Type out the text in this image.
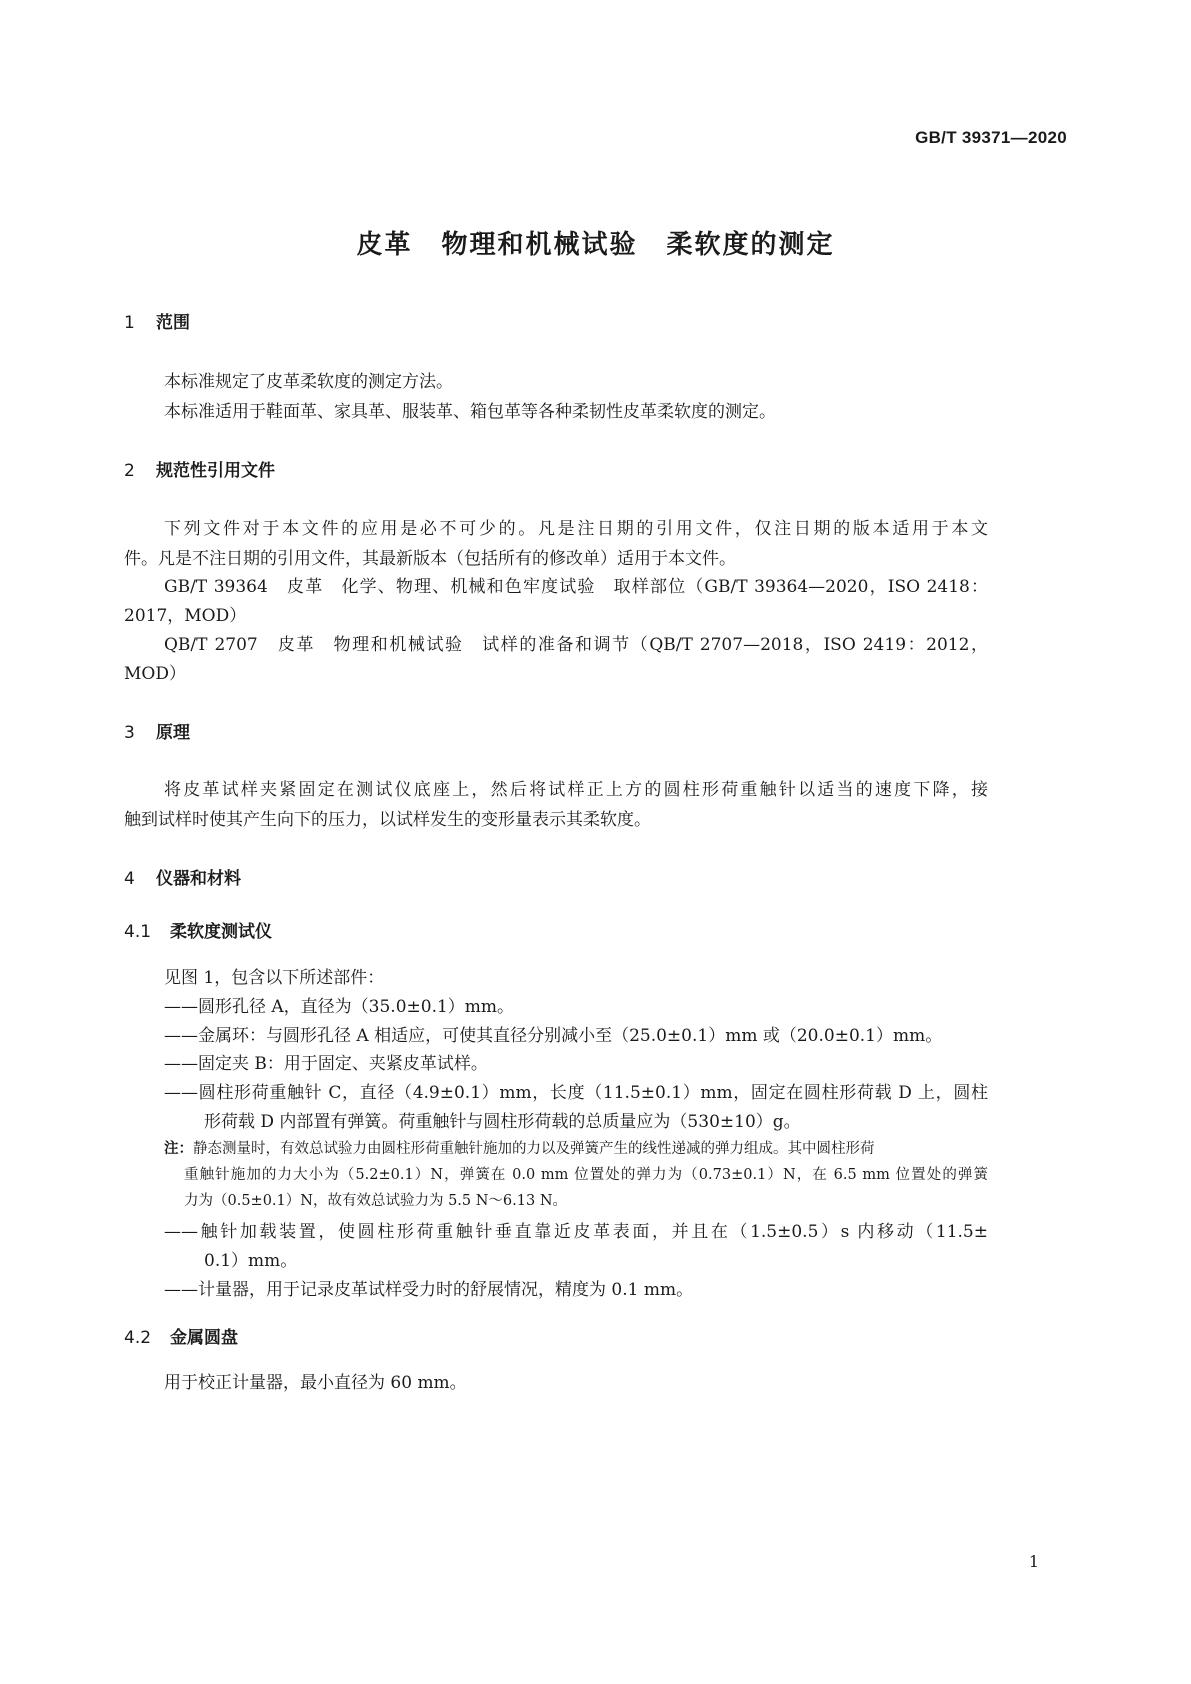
GB/T 39371—2020
皮革 物理和机械试验 柔软度的测定
1 范围
本标准规定了皮革柔软度的测定方法。
本标准适用于鞋面革、家具革、服装革、箱包革等各种柔韧性皮革柔软度的测定。
2 规范性引用文件
下列文件对于本文件的应用是必不可少的。凡是注日期的引用文件，仅注日期的版本适用于本文
件。凡是不注日期的引用文件，其最新版本（包括所有的修改单）适用于本文件。
GB/T 39364　皮革　化学、物理、机械和色牢度试验　取样部位（GB/T 39364—2020，ISO 2418：
2017，MOD）
QB/T 2707　皮革　物理和机械试验　试样的准备和调节（QB/T 2707—2018，ISO 2419：2012，
MOD）
3 原理
将皮革试样夹紧固定在测试仪底座上，然后将试样正上方的圆柱形荷重触针以适当的速度下降，接
触到试样时使其产生向下的压力，以试样发生的变形量表示其柔软度。
4 仪器和材料
4.1 柔软度测试仪
见图 1，包含以下所述部件：
——圆形孔径 A，直径为（35.0±0.1）mm。
——金属环：与圆形孔径 A 相适应，可使其直径分别减小至（25.0±0.1）mm 或（20.0±0.1）mm。
——固定夹 B：用于固定、夹紧皮革试样。
——圆柱形荷重触针 C，直径（4.9±0.1）mm，长度（11.5±0.1）mm，固定在圆柱形荷载 D 上，圆柱
形荷载 D 内部置有弹簧。荷重触针与圆柱形荷载的总质量应为（530±10）g。
注：静态测量时，有效总试验力由圆柱形荷重触针施加的力以及弹簧产生的线性递减的弹力组成。其中圆柱形荷
重触针施加的力大小为（5.2±0.1）N，弹簧在 0.0 mm 位置处的弹力为（0.73±0.1）N，在 6.5 mm 位置处的弹簧
力为（0.5±0.1）N，故有效总试验力为 5.5 N～6.13 N。
——触针加载装置，使圆柱形荷重触针垂直靠近皮革表面，并且在（1.5±0.5）s 内移动（11.5±
0.1）mm。
——计量器，用于记录皮革试样受力时的舒展情况，精度为 0.1 mm。
4.2 金属圆盘
用于校正计量器，最小直径为 60 mm。
1
